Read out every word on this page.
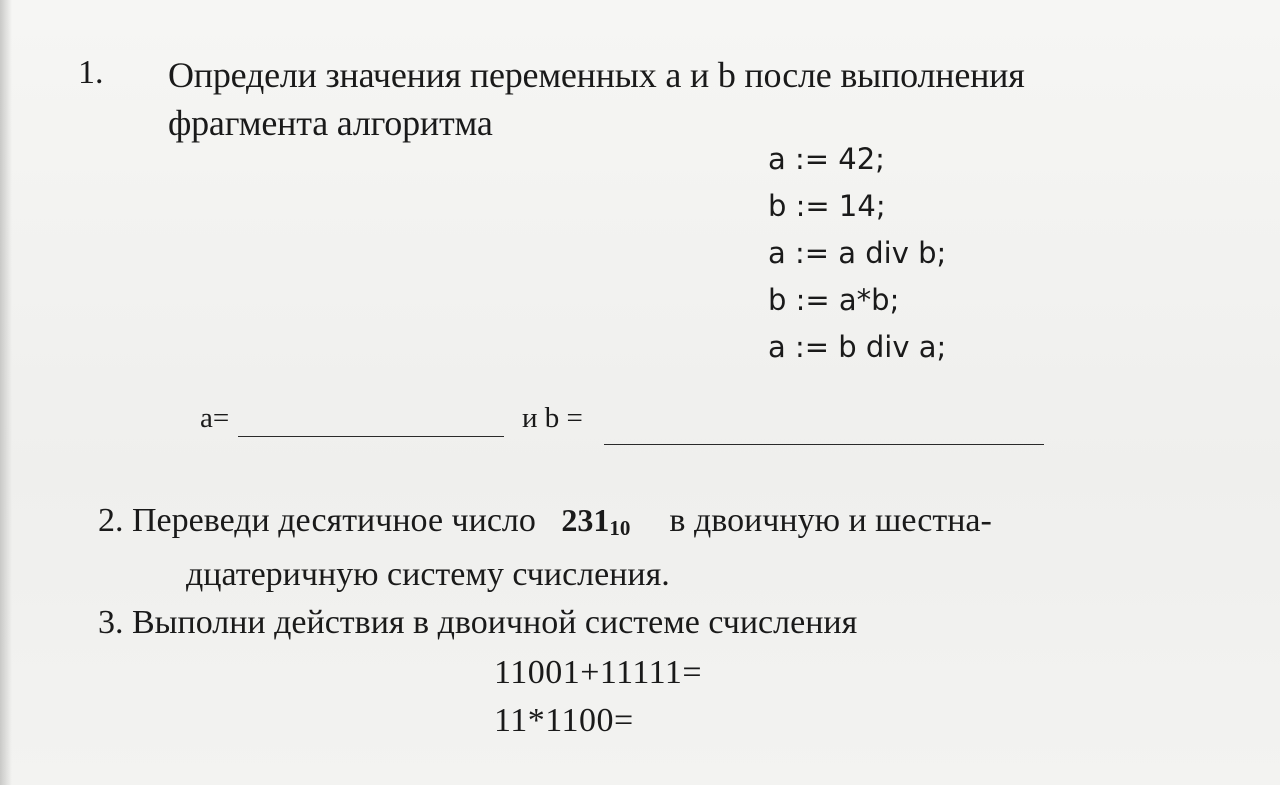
1. Определи значения переменных a и b после выполнения
фрагмента алгоритма
a := 42;
b := 14;
a := a div b;
b := a*b;
a := b div a;
a=	и b =
2. Переведи десятичное число 23110 в двоичную и шестна-
дцатеричную систему счисления.
3. Выполни действия в двоичной системе счисления
11001+11111=
11*1100=
